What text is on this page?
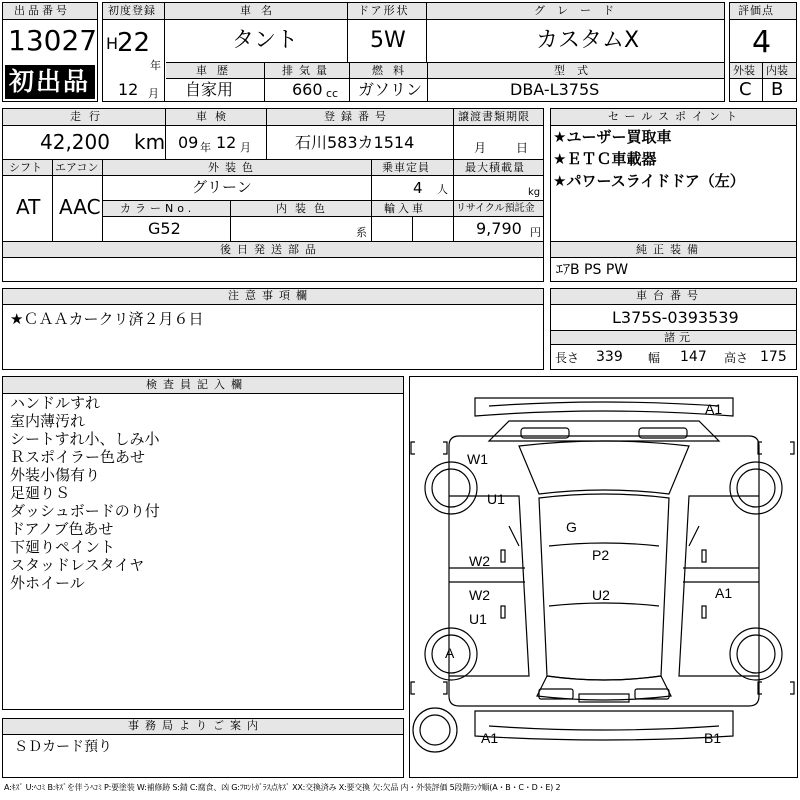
出品番号
13027
初出品
初度登録
H
22
年
12 月
車名
タント
ドア形状
5W
グレード
カスタムX
車歴
自家用
排気量
660 cc
燃料
ガソリン
型式
DBA-L375S
評価点
4
外装 内装
C B
走行
42,200 km
車検
09 年 12 月
登録番号
石川583カ1514
譲渡書類期限
月 日
シフト
AT
エアコン
AAC
外装色
グリーン
乗車定員
4 人
最大積載量
kg
カラーNo.
G52
内装色
系
輸入車	リサイクル預託金
9,790 円
後日発送部品
セールスポイント
★ユーザー買取車
★ＥＴＣ車載器
★パワースライドドア（左）
純正装備
ｴｱB PS PW
注意事項欄
★ＣＡＡカークリ済２月６日
車台番号
L375S-0393539
諸元
長さ 339 幅 147 高さ 175
検査員記入欄
ハンドルすれ
室内薄汚れ
シートすれ小、しみ小
Ｒスポイラー色あせ
外装小傷有り
足廻りＳ
ダッシュボードのり付
ドアノブ色あせ
下廻りペイント
スタッドレスタイヤ
外ホイール
事務局よりご案内
ＳＤカード預り
A1
W1
U1
G
W2	P2
W2	A1
U1
U2
A
A1	B1
A:ｷｽﾞ U:ﾍｺﾐ B:ｷｽﾞを伴うﾍｺﾐ P:要塗装 W:補修跡 S:錆 C:腐食、凶 G:ﾌﾛﾝﾄｶﾞﾗｽ点ｷｽﾞ XX:交換済み X:要交換 欠:欠品 内・外装評価 5段階ﾗﾝｸ順(A・B・C・D・E) 2
